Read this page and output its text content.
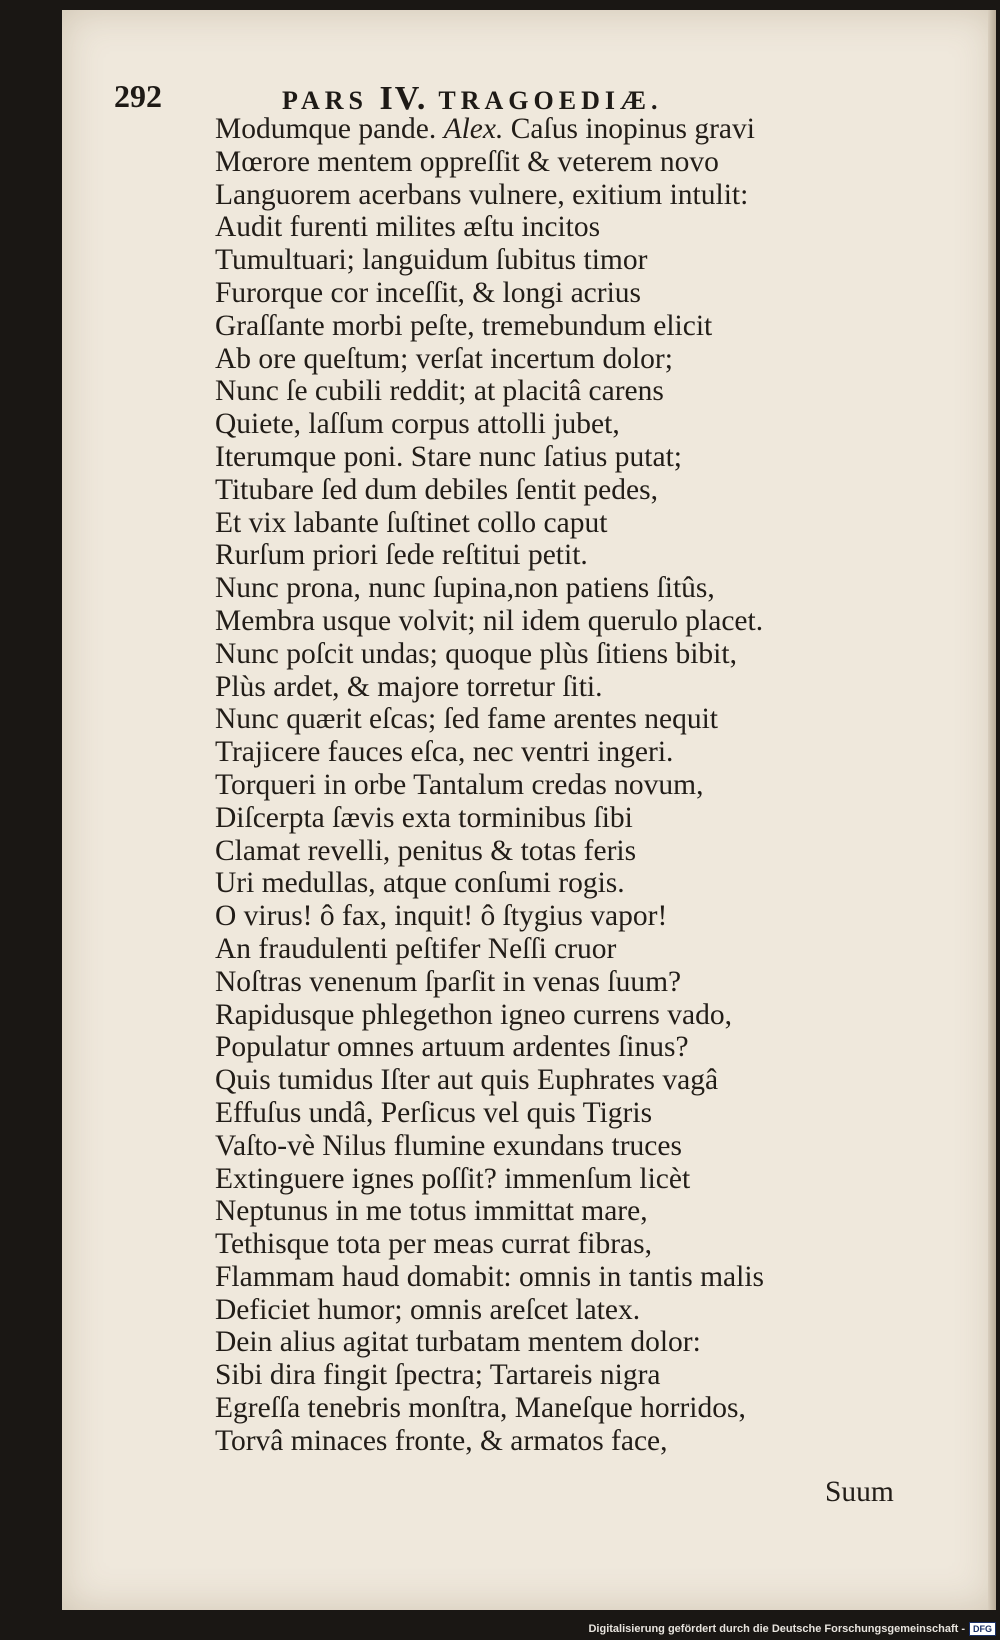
292	PARS IV. TRAGOEDIÆ.
Modumque pande. Alex. Caſus inopinus gravi
Mœrore mentem oppreſſit & veterem novo
Languorem acerbans vulnere, exitium intulit:
Audit furenti milites æſtu incitos
Tumultuari; languidum ſubitus timor
Furorque cor inceſſit, & longi acrius
Graſſante morbi peſte, tremebundum elicit
Ab ore queſtum; verſat incertum dolor;
Nunc ſe cubili reddit; at placitâ carens
Quiete, laſſum corpus attolli jubet,
Iterumque poni. Stare nunc ſatius putat;
Titubare ſed dum debiles ſentit pedes,
Et vix labante ſuſtinet collo caput
Rurſum priori ſede reſtitui petit.
Nunc prona, nunc ſupina,non patiens ſitûs,
Membra usque volvit; nil idem querulo placet.
Nunc poſcit undas; quoque plùs ſitiens bibit,
Plùs ardet, & majore torretur ſiti.
Nunc quærit eſcas; ſed fame arentes nequit
Trajicere fauces eſca, nec ventri ingeri.
Torqueri in orbe Tantalum credas novum,
Diſcerpta ſævis exta torminibus ſibi
Clamat revelli, penitus & totas feris
Uri medullas, atque conſumi rogis.
O virus! ô fax, inquit! ô ſtygius vapor!
An fraudulenti peſtifer Neſſi cruor
Noſtras venenum ſparſit in venas ſuum?
Rapidusque phlegethon igneo currens vado,
Populatur omnes artuum ardentes ſinus?
Quis tumidus Iſter aut quis Euphrates vagâ
Effuſus undâ, Perſicus vel quis Tigris
Vaſto-vè Nilus flumine exundans truces
Extinguere ignes poſſit? immenſum licèt
Neptunus in me totus immittat mare,
Tethisque tota per meas currat fibras,
Flammam haud domabit: omnis in tantis malis
Deficiet humor; omnis areſcet latex.
Dein alius agitat turbatam mentem dolor:
Sibi dira fingit ſpectra; Tartareis nigra
Egreſſa tenebris monſtra, Maneſque horridos,
Torvâ minaces fronte, & armatos face,
Suum
Digitalisierung gefördert durch die Deutsche Forschungsgemeinschaft - DFG
